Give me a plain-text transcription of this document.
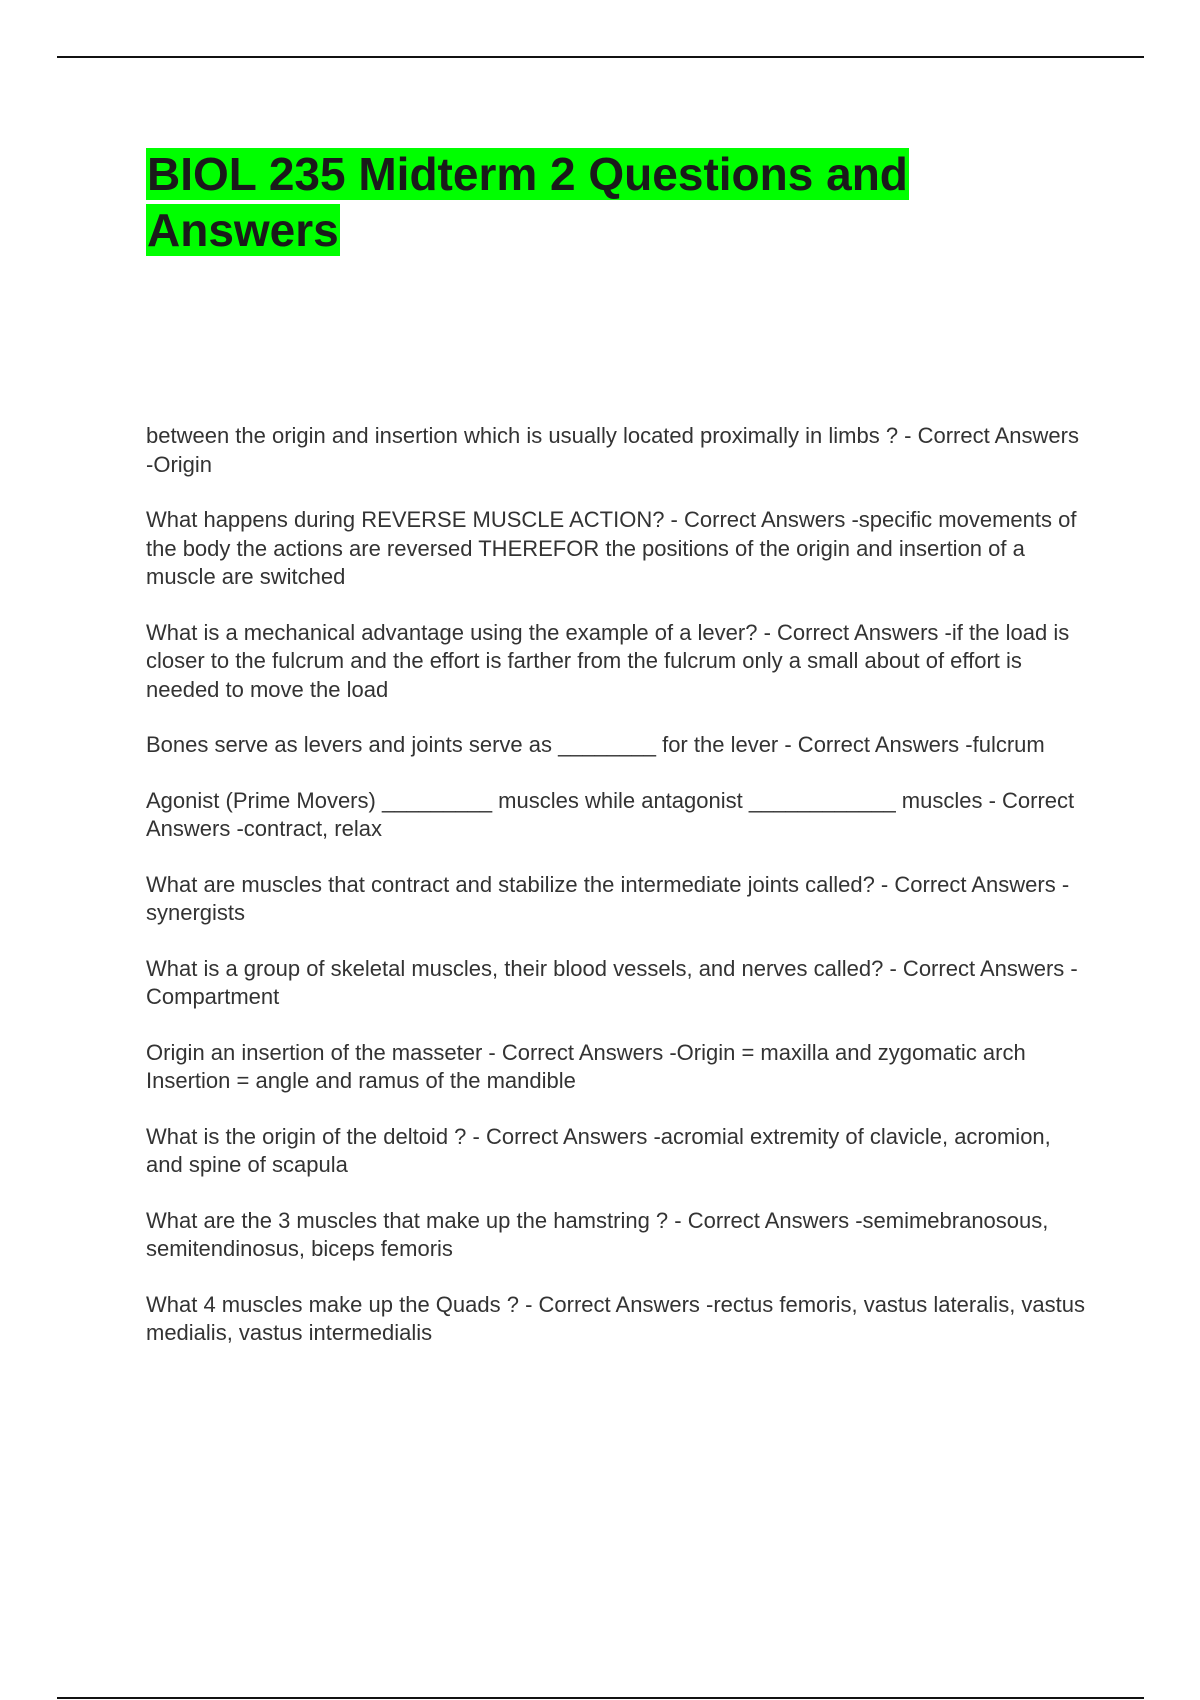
BIOL 235 Midterm 2 Questions and Answers

between the origin and insertion which is usually located proximally in limbs ? - Correct Answers -Origin

What happens during REVERSE MUSCLE ACTION? - Correct Answers -specific movements of the body the actions are reversed THEREFOR the positions of the origin and insertion of a muscle are switched

What is a mechanical advantage using the example of a lever? - Correct Answers -if the load is closer to the fulcrum and the effort is farther from the fulcrum only a small about of effort is needed to move the load

Bones serve as levers and joints serve as ________ for the lever - Correct Answers -fulcrum

Agonist (Prime Movers) _________ muscles while antagonist ____________ muscles - Correct Answers -contract, relax

What are muscles that contract and stabilize the intermediate joints called? - Correct Answers -synergists

What is a group of skeletal muscles, their blood vessels, and nerves called? - Correct Answers -Compartment

Origin an insertion of the masseter - Correct Answers -Origin = maxilla and zygomatic arch
Insertion = angle and ramus of the mandible

What is the origin of the deltoid ? - Correct Answers -acromial extremity of clavicle, acromion, and spine of scapula

What are the 3 muscles that make up the hamstring ? - Correct Answers -semimebranosous, semitendinosus, biceps femoris

What 4 muscles make up the Quads ? - Correct Answers -rectus femoris, vastus lateralis, vastus medialis, vastus intermedialis
